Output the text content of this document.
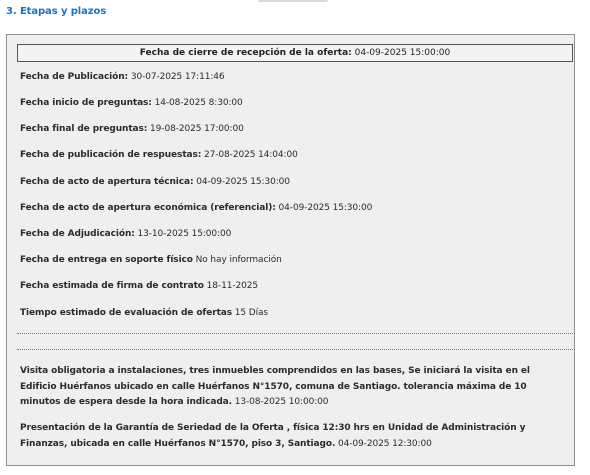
3. Etapas y plazos
Fecha de cierre de recepción de la oferta: 04-09-2025 15:00:00
Fecha de Publicación: 30-07-2025 17:11:46
Fecha inicio de preguntas: 14-08-2025 8:30:00
Fecha final de preguntas: 19-08-2025 17:00:00
Fecha de publicación de respuestas: 27-08-2025 14:04:00
Fecha de acto de apertura técnica: 04-09-2025 15:30:00
Fecha de acto de apertura económica (referencial): 04-09-2025 15:30:00
Fecha de Adjudicación: 13-10-2025 15:00:00
Fecha de entrega en soporte físico No hay información
Fecha estimada de firma de contrato 18-11-2025
Tiempo estimado de evaluación de ofertas 15 Días
Visita obligatoria a instalaciones, tres inmuebles comprendidos en las bases, Se iniciará la visita en el Edificio Huérfanos ubicado en calle Huérfanos N°1570, comuna de Santiago. tolerancia máxima de 10 minutos de espera desde la hora indicada. 13-08-2025 10:00:00
Presentación de la Garantía de Seriedad de la Oferta , física 12:30 hrs en Unidad de Administración y Finanzas, ubicada en calle Huérfanos N°1570, piso 3, Santiago. 04-09-2025 12:30:00
